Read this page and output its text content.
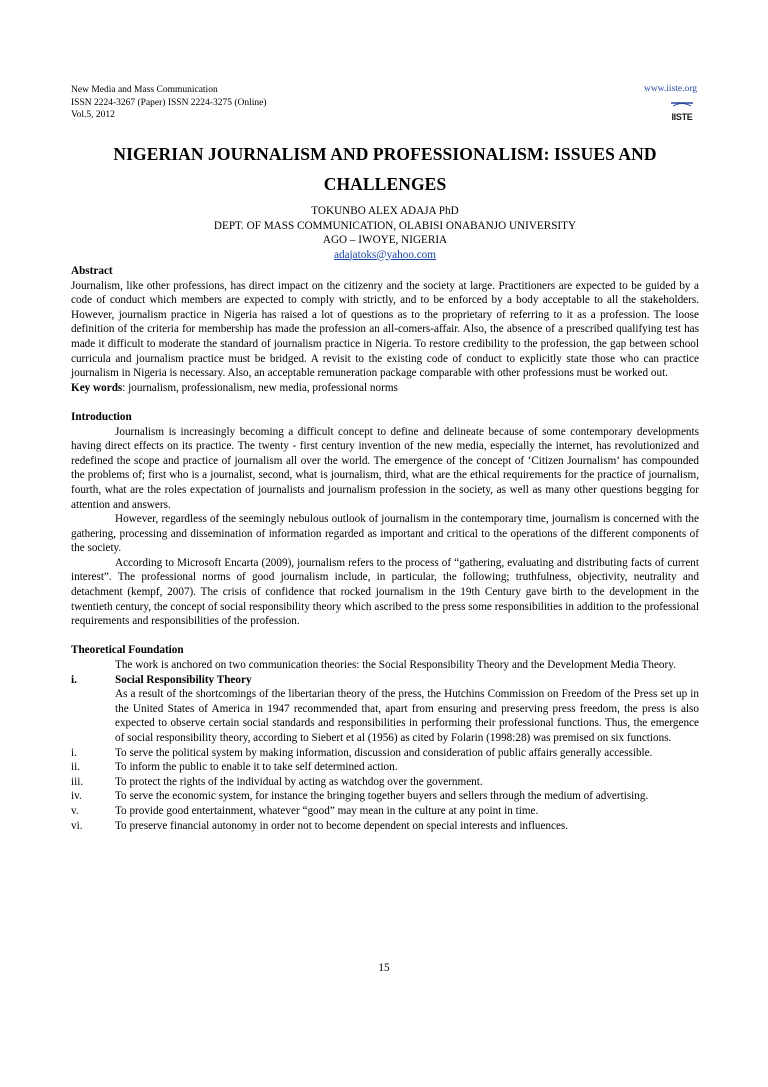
New Media and Mass Communication
ISSN 2224-3267 (Paper) ISSN 2224-3275 (Online)
Vol.5, 2012
www.iiste.org
IISTE
NIGERIAN JOURNALISM AND PROFESSIONALISM: ISSUES AND
CHALLENGES
TOKUNBO ALEX ADAJA PhD
DEPT. OF MASS COMMUNICATION, OLABISI ONABANJO UNIVERSITY
AGO – IWOYE, NIGERIA
adajatoks@yahoo.com
Abstract

Journalism, like other professions, has direct impact on the citizenry and the society at large. Practitioners are expected to be guided by a code of conduct which members are expected to comply with strictly, and to be enforced by a body acceptable to all the stakeholders. However, journalism practice in Nigeria has raised a lot of questions as to the proprietary of referring to it as a profession. The loose definition of the criteria for membership has made the profession an all-comers-affair. Also, the absence of a prescribed qualifying test has made it difficult to moderate the standard of journalism practice in Nigeria. To restore credibility to the profession, the gap between school curricula and journalism practice must be bridged. A revisit to the existing code of conduct to explicitly state those who can practice journalism in Nigeria is necessary. Also, an acceptable remuneration package comparable with other professions must be worked out.

Key words: journalism, professionalism, new media, professional norms

Introduction

Journalism is increasingly becoming a difficult concept to define and delineate because of some contemporary developments having direct effects on its practice. The twenty - first century invention of the new media, especially the internet, has revolutionized and redefined the scope and practice of journalism all over the world. The emergence of the concept of ‘Citizen Journalism’ has compounded the problems of; first who is a journalist, second, what is journalism, third, what are the ethical requirements for the practice of journalism, fourth, what are the roles expectation of journalists and journalism profession in the society, as well as many other questions begging for attention and answers.

However, regardless of the seemingly nebulous outlook of journalism in the contemporary time, journalism is concerned with the gathering, processing and dissemination of information regarded as important and critical to the operations of the different components of the society.

According to Microsoft Encarta (2009), journalism refers to the process of “gathering, evaluating and distributing facts of current interest”. The professional norms of good journalism include, in particular, the following; truthfulness, objectivity, neutrality and detachment (kempf, 2007). The crisis of confidence that rocked journalism in the 19th Century gave birth to the development in the twentieth century, the concept of social responsibility theory which ascribed to the press some responsibilities in addition to the professional requirements and responsibilities of the profession.

Theoretical Foundation

The work is anchored on two communication theories: the Social Responsibility Theory and the Development Media Theory.

i.	Social Responsibility Theory

As a result of the shortcomings of the libertarian theory of the press, the Hutchins Commission on Freedom of the Press set up in the United States of America in 1947 recommended that, apart from ensuring and preserving press freedom, the press is also expected to observe certain social standards and responsibilities in performing their professional functions. Thus, the emergence of social responsibility theory, according to Siebert et al (1956) as cited by Folarin (1998:28) was premised on six functions.

i.	To serve the political system by making information, discussion and consideration of public affairs generally accessible.
ii.	To inform the public to enable it to take self determined action.
iii.	To protect the rights of the individual by acting as watchdog over the government.
iv.	To serve the economic system, for instance the bringing together buyers and sellers through the medium of advertising.
v.	To provide good entertainment, whatever “good” may mean in the culture at any point in time.
vi.	To preserve financial autonomy in order not to become dependent on special interests and influences.
15
